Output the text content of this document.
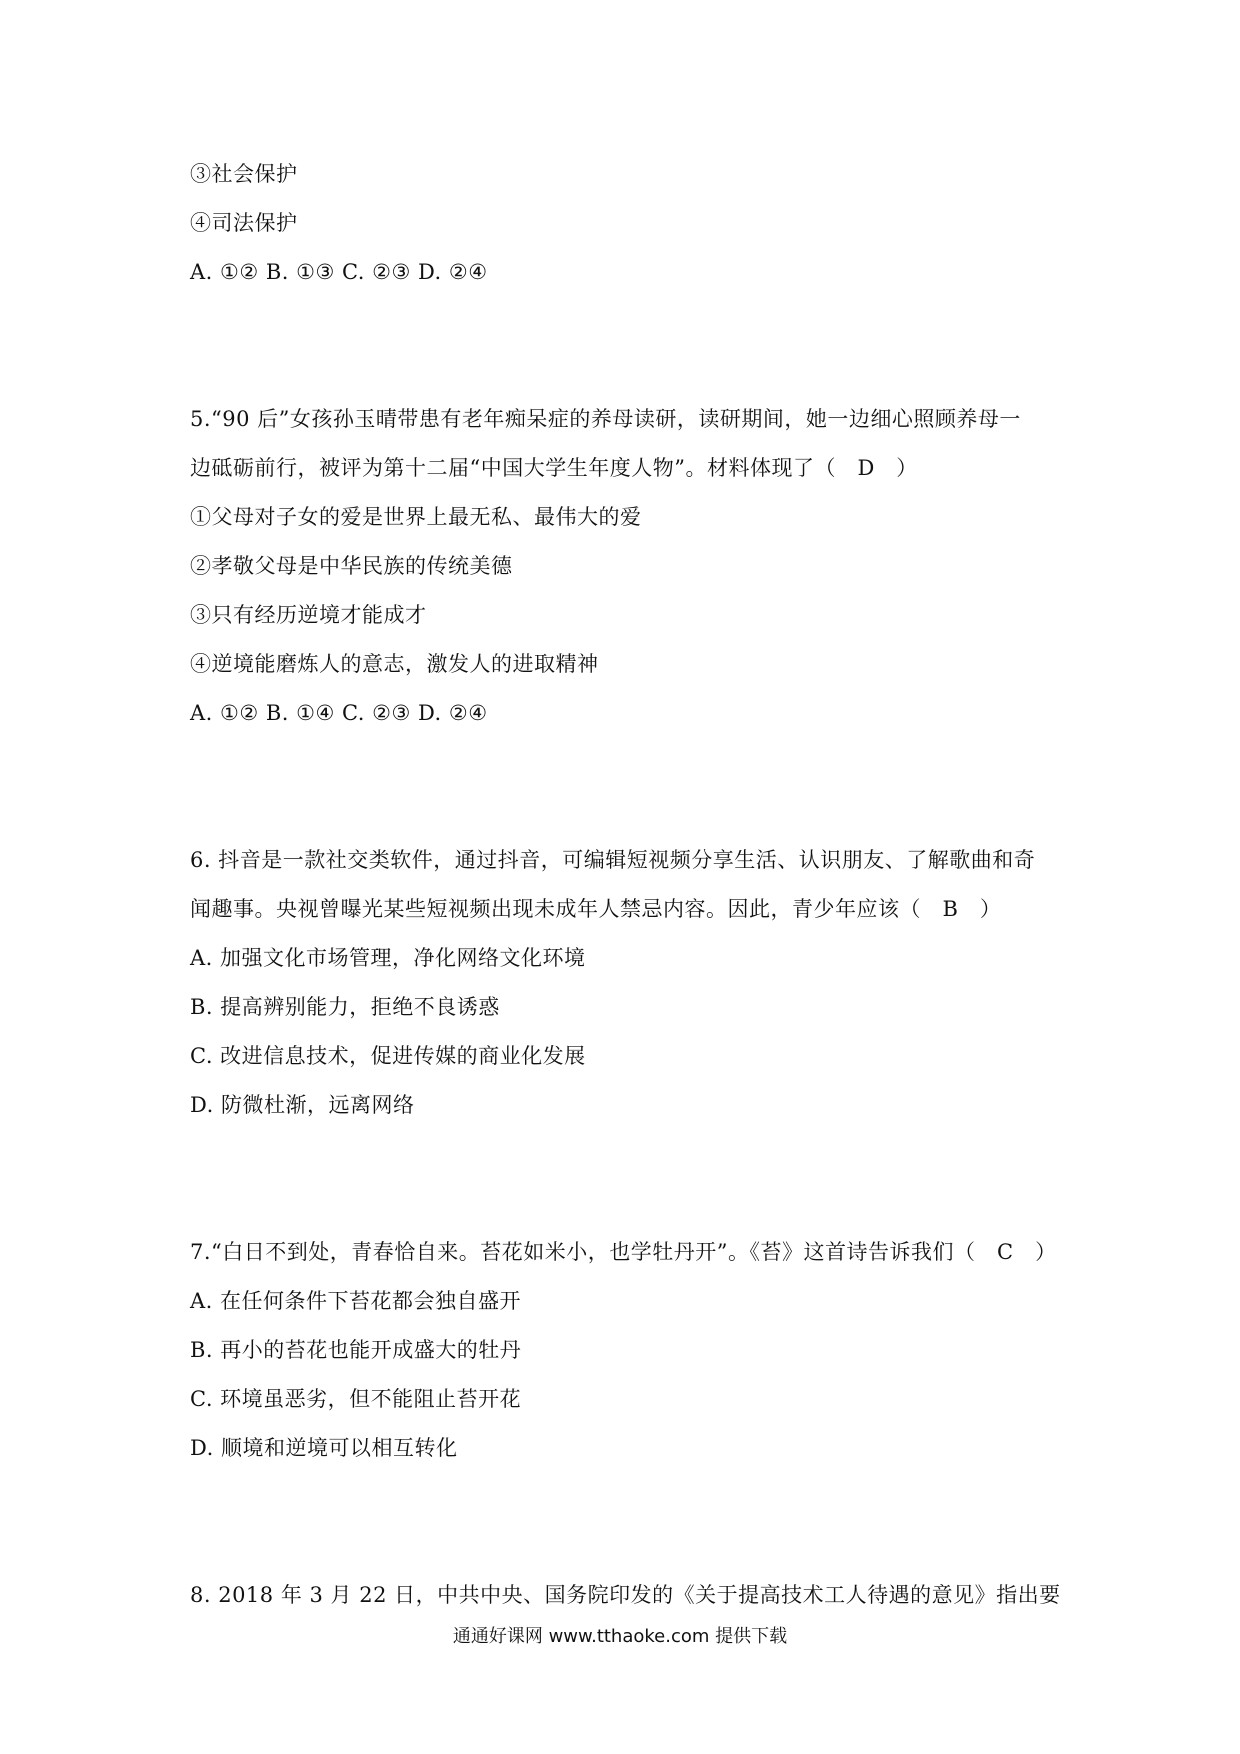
③社会保护
④司法保护
A. ①② B. ①③ C. ②③ D. ②④
5.“90 后”女孩孙玉晴带患有老年痴呆症的养母读研，读研期间，她一边细心照顾养母一
边砥砺前行，被评为第十二届“中国大学生年度人物”。材料体现了（　D　）
①父母对子女的爱是世界上最无私、最伟大的爱
②孝敬父母是中华民族的传统美德
③只有经历逆境才能成才
④逆境能磨炼人的意志，激发人的进取精神
A. ①② B. ①④ C. ②③ D. ②④
6. 抖音是一款社交类软件，通过抖音，可编辑短视频分享生活、认识朋友、了解歌曲和奇
闻趣事。央视曾曝光某些短视频出现未成年人禁忌内容。因此，青少年应该（　B　）
A. 加强文化市场管理，净化网络文化环境
B. 提高辨别能力，拒绝不良诱惑
C. 改进信息技术，促进传媒的商业化发展
D. 防微杜渐，远离网络
7.“白日不到处，青春恰自来。苔花如米小，也学牡丹开”。《苔》这首诗告诉我们（　C　）
A. 在任何条件下苔花都会独自盛开
B. 再小的苔花也能开成盛大的牡丹
C. 环境虽恶劣，但不能阻止苔开花
D. 顺境和逆境可以相互转化
8. 2018 年 3 月 22 日，中共中央、国务院印发的《关于提高技术工人待遇的意见》指出要
通通好课网 www.tthaoke.com 提供下载
